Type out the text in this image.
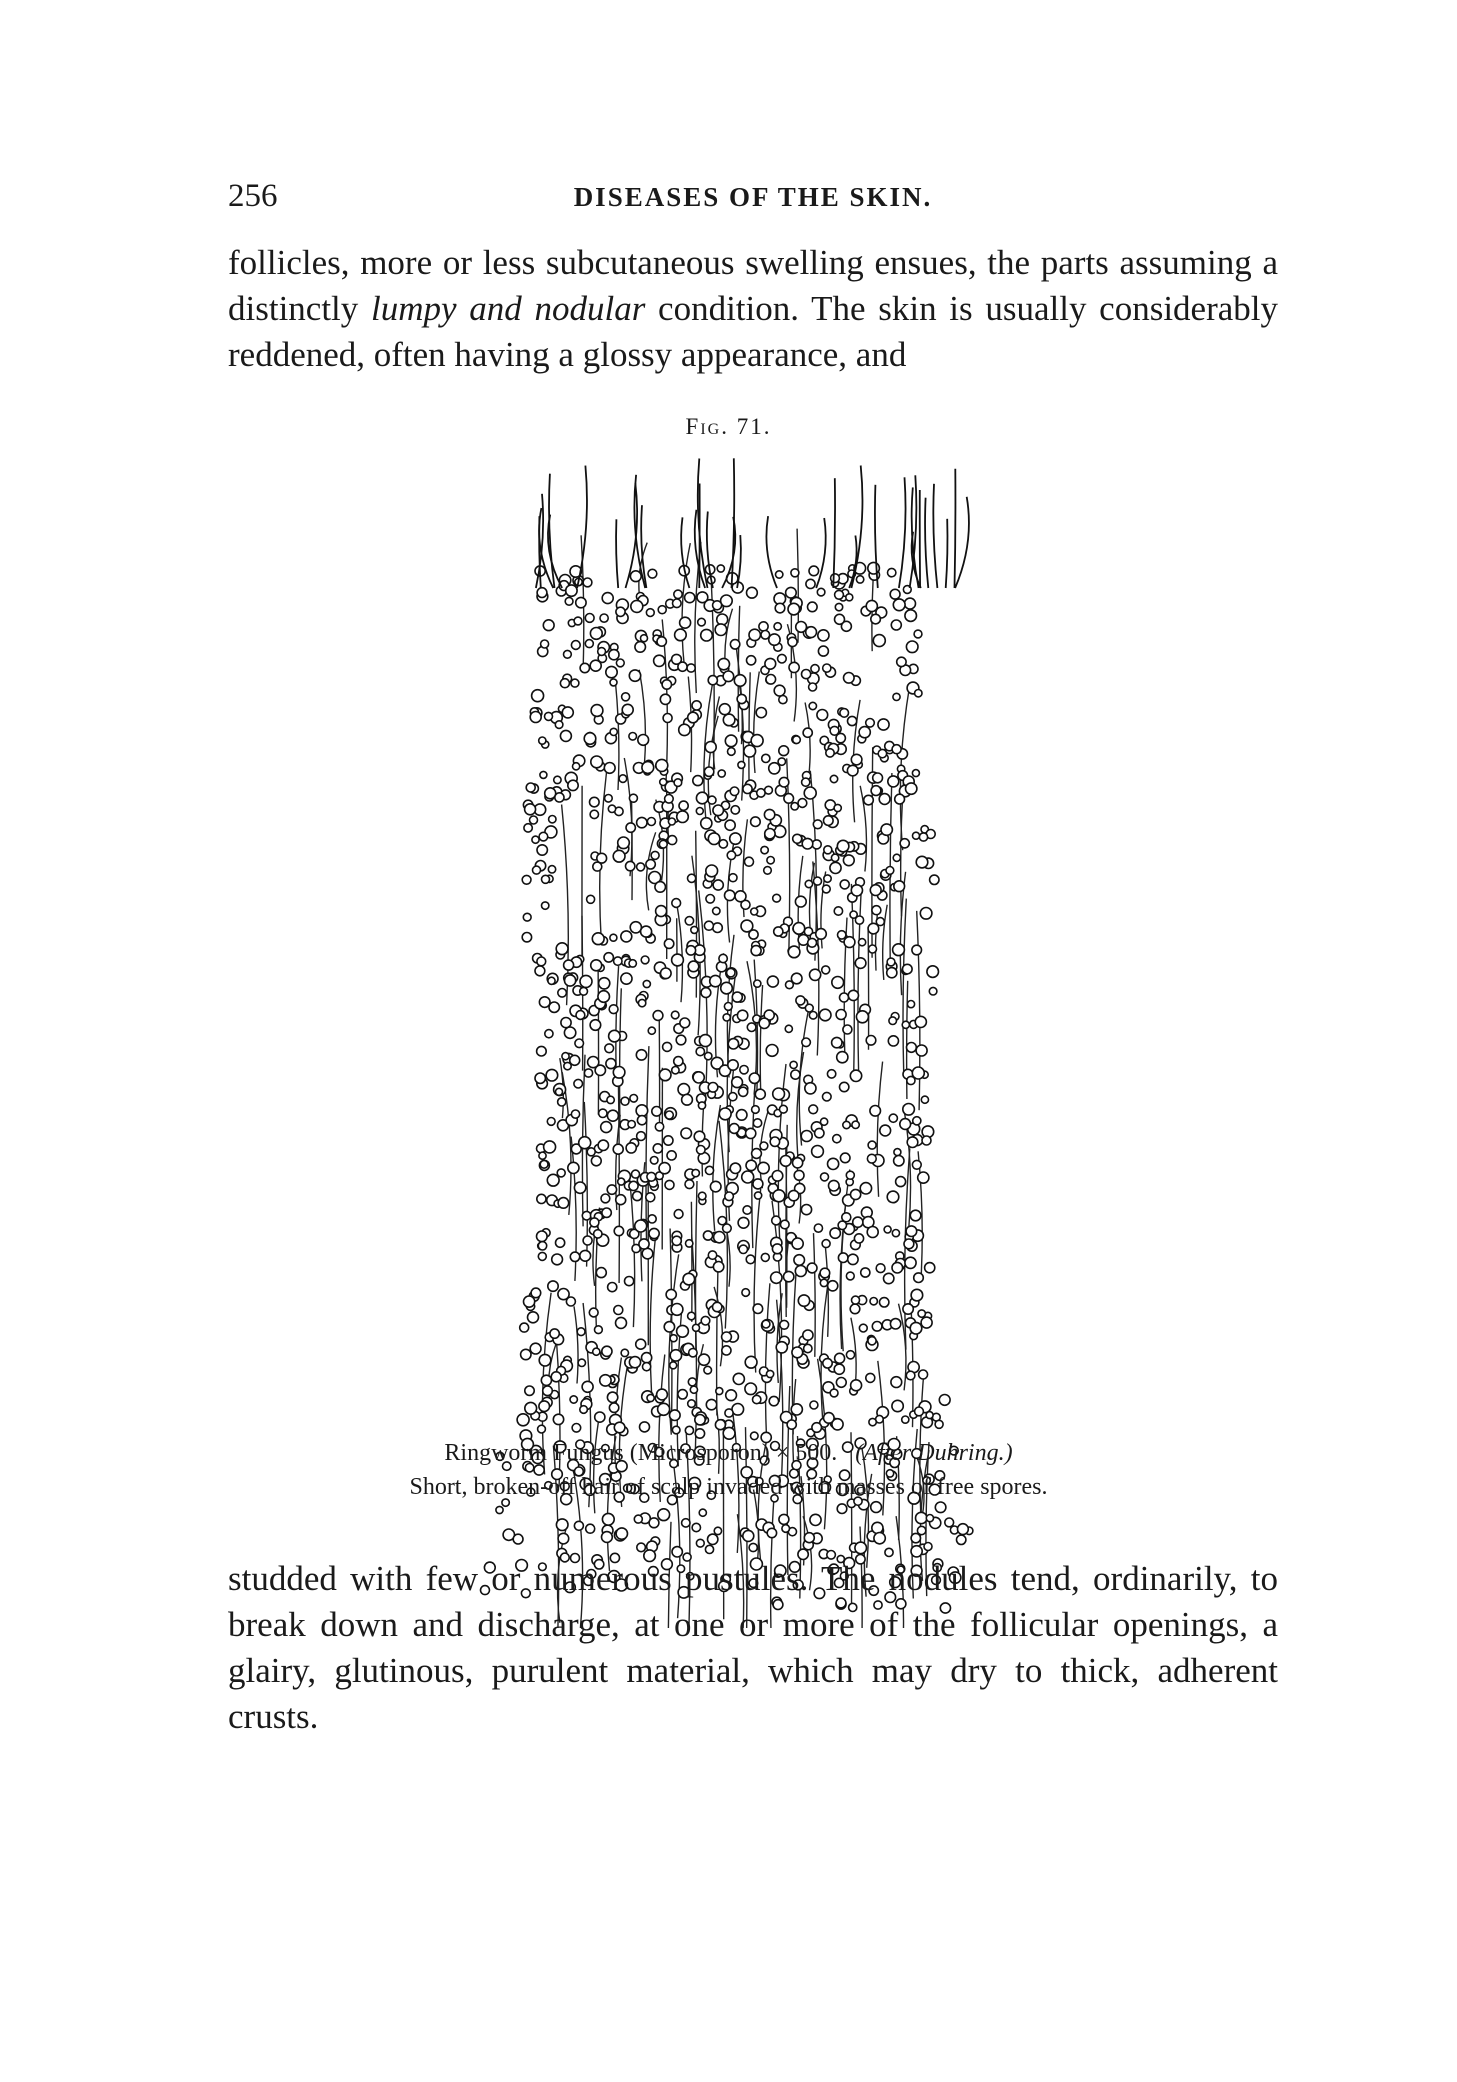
256	DISEASES OF THE SKIN.

follicles, more or less subcutaneous swelling ensues, the parts assuming a distinctly lumpy and nodular condition. The skin is usually considerably reddened, often having a glossy appearance, and

Fig. 71.
Ringworm Fungus (Microsporon) × 500. (After Duhring.)
Short, broken-off hair of scalp invaded with masses of free spores.

studded with few or numerous pustules. The nodules tend, ordinarily, to break down and discharge, at one or more of the follicular openings, a glairy, glutinous, purulent material, which may dry to thick, adherent crusts.
